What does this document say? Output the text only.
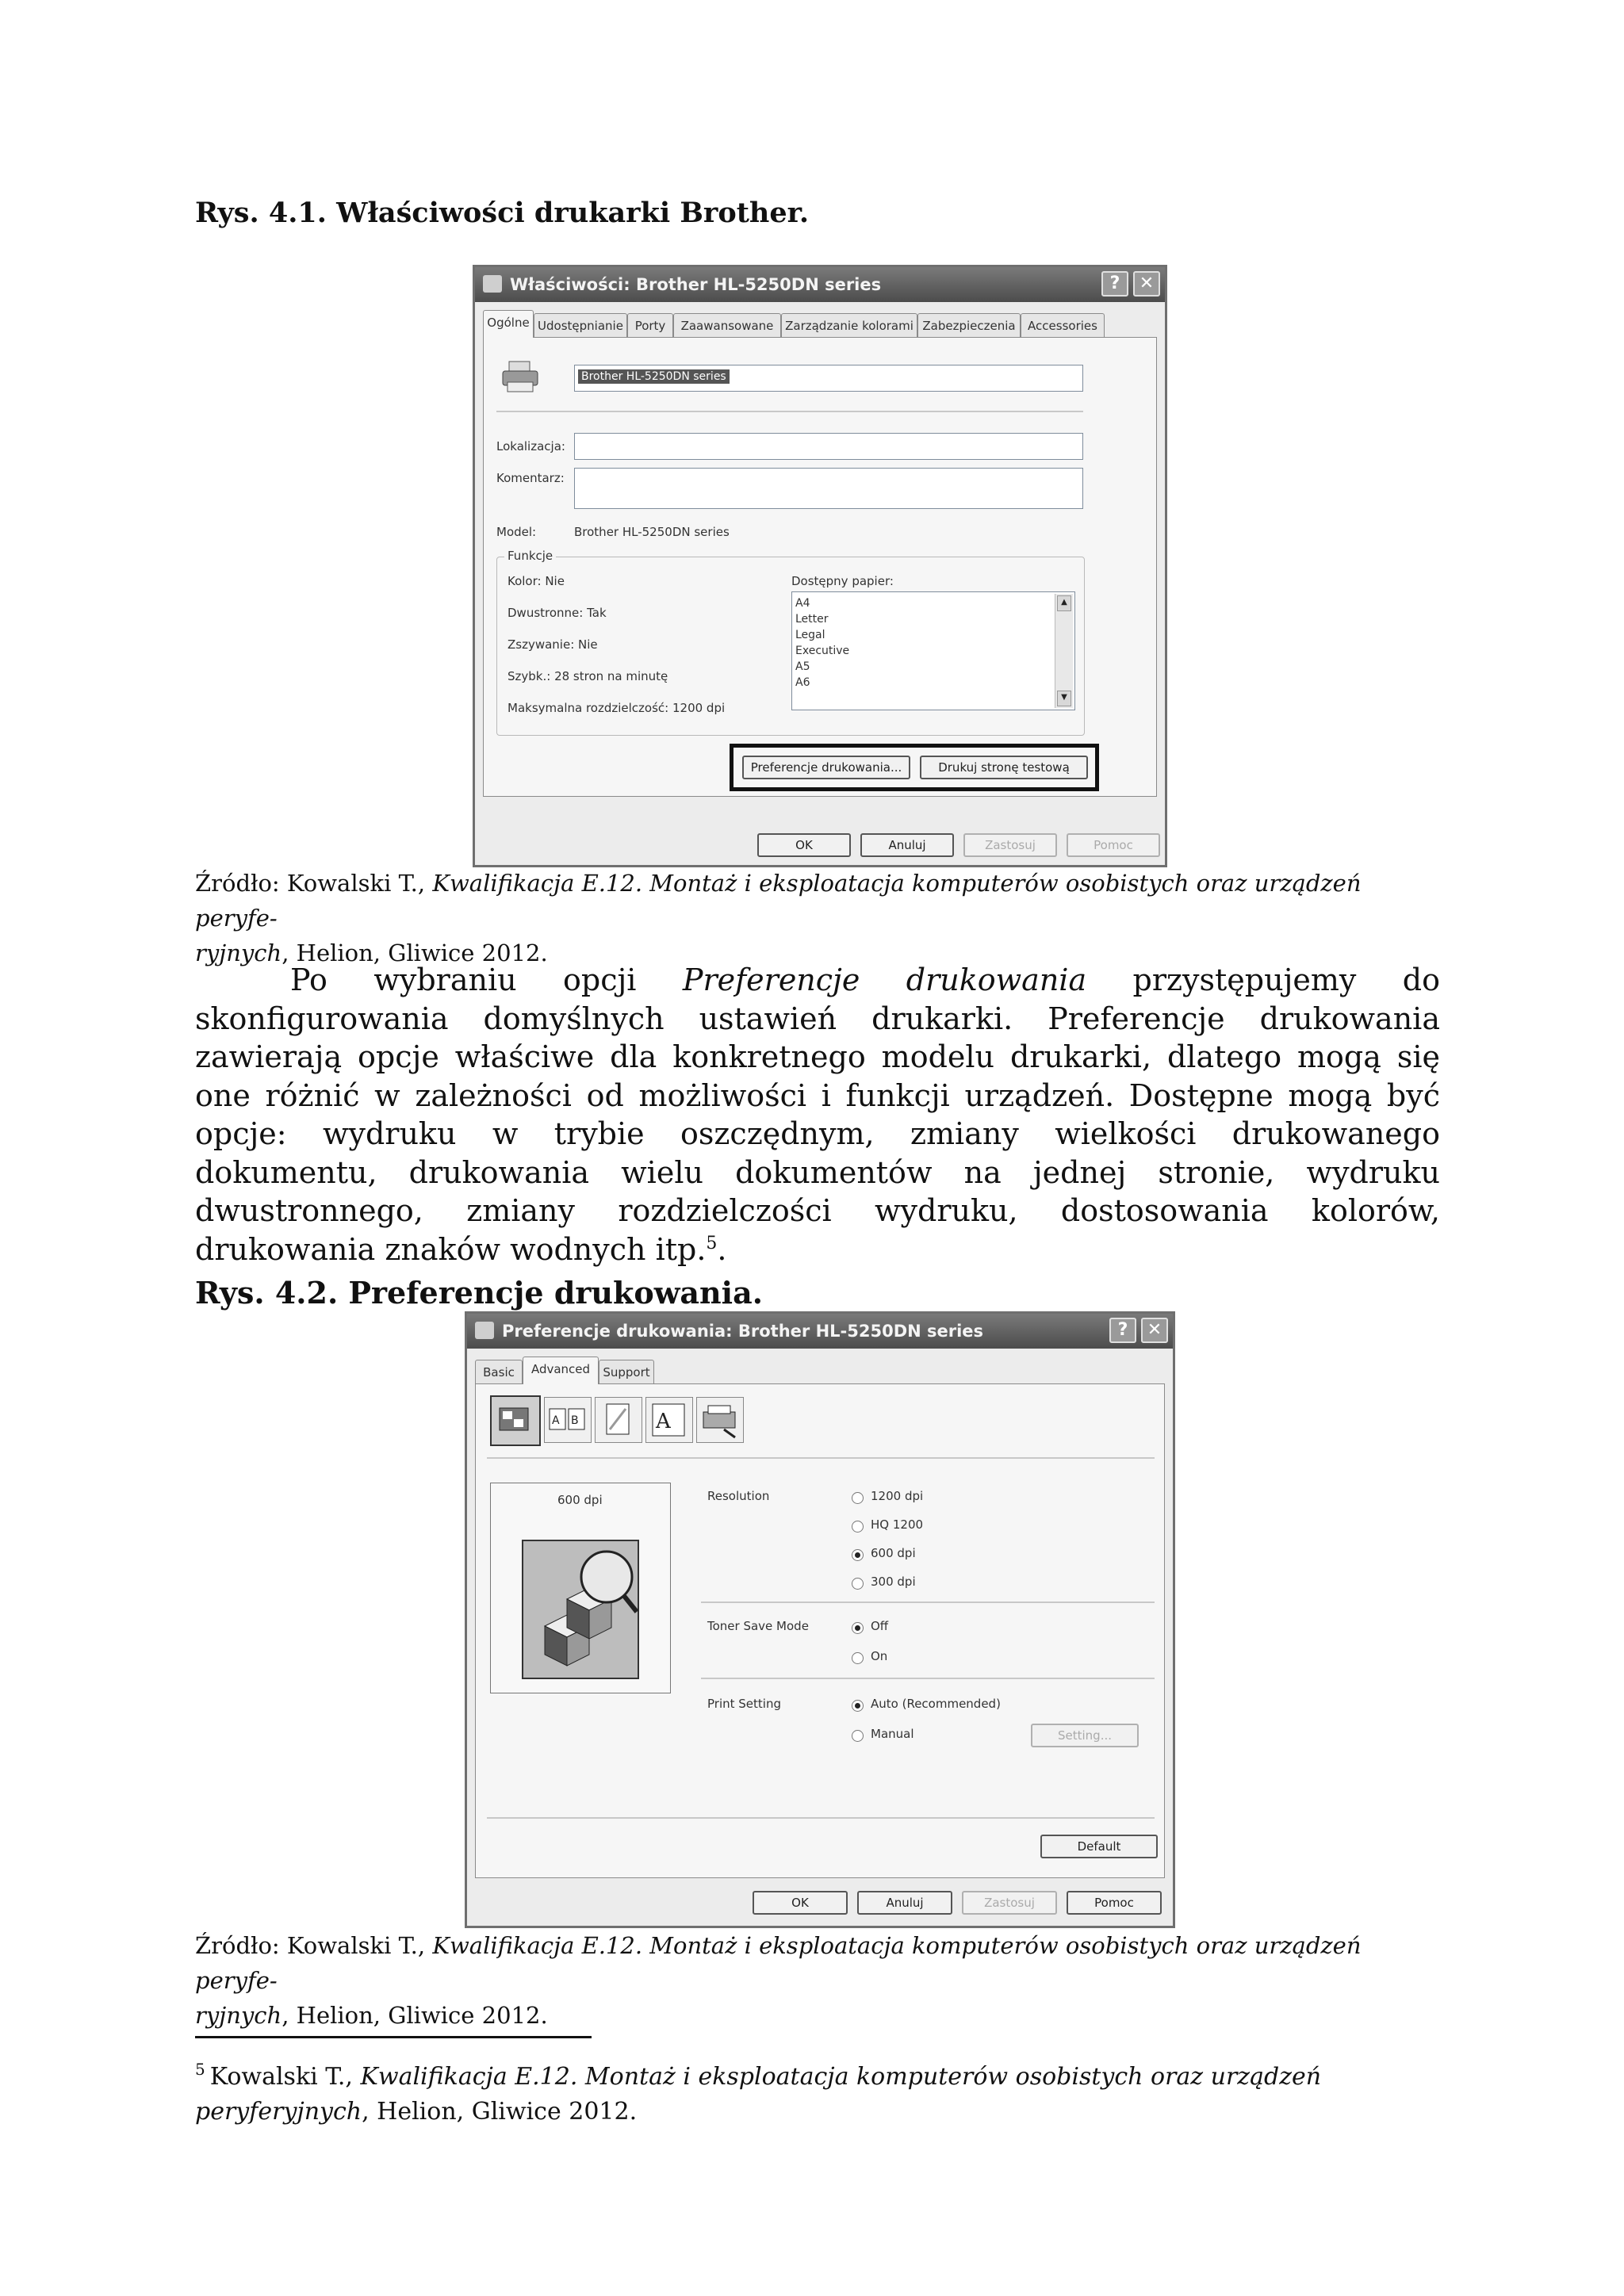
Rys. 4.1. Właściwości drukarki Brother.
Właściwości: Brother HL-5250DN series	?	✕
Ogólne Udostępnianie Porty	Zaawansowane Zarządzanie kolorami Zabezpieczenia	Accessories
Brother HL-5250DN series
Lokalizacja:
Komentarz:
Model:	Brother HL-5250DN series
Funkcje
Kolor: Nie
Dwustronne: Tak
Zszywanie: Nie
Szybk.: 28 stron na minutę
Maksymalna rozdzielczość: 1200 dpi
Dostępny papier:
A4
Letter
Legal
Executive
A5
A6
▲
▼
Preferencje drukowania...	Drukuj stronę testową
OK	Anuluj	Zastosuj	Pomoc
Źródło: Kowalski T., Kwalifikacja E.12. Montaż i eksploatacja komputerów osobistych oraz urządzeń peryfe-
ryjnych, Helion, Gliwice 2012.
Po wybraniu opcji Preferencje drukowania przystępujemy do skonfigurowania domyślnych ustawień drukarki. Preferencje drukowania zawierają opcje właściwe dla konkretnego modelu drukarki, dlatego mogą się one różnić w zależności od możliwości i funkcji urządzeń. Dostępne mogą być opcje: wydruku w trybie oszczędnym, zmiany wielkości drukowanego dokumentu, drukowania wielu dokumentów na jednej stronie, wydruku dwustronnego, zmiany rozdzielczości wydruku, dostosowania kolorów, drukowania znaków wodnych itp.$^5$.
Rys. 4.2. Preferencje drukowania.
Preferencje drukowania: Brother HL-5250DN series	?	✕
Basic	Advanced	Support
A B	A
600 dpi	Resolution	1200 dpi
HQ 1200
600 dpi
300 dpi
Toner Save Mode	Off
On
Print Setting	Auto (Recommended)
Manual	Setting...
Default
OK	Anuluj	Zastosuj	Pomoc
Źródło: Kowalski T., Kwalifikacja E.12. Montaż i eksploatacja komputerów osobistych oraz urządzeń peryfe-
ryjnych, Helion, Gliwice 2012.
$^5$ Kowalski T., Kwalifikacja E.12. Montaż i eksploatacja komputerów osobistych oraz urządzeń peryferyjnych, Helion, Gliwice 2012.
